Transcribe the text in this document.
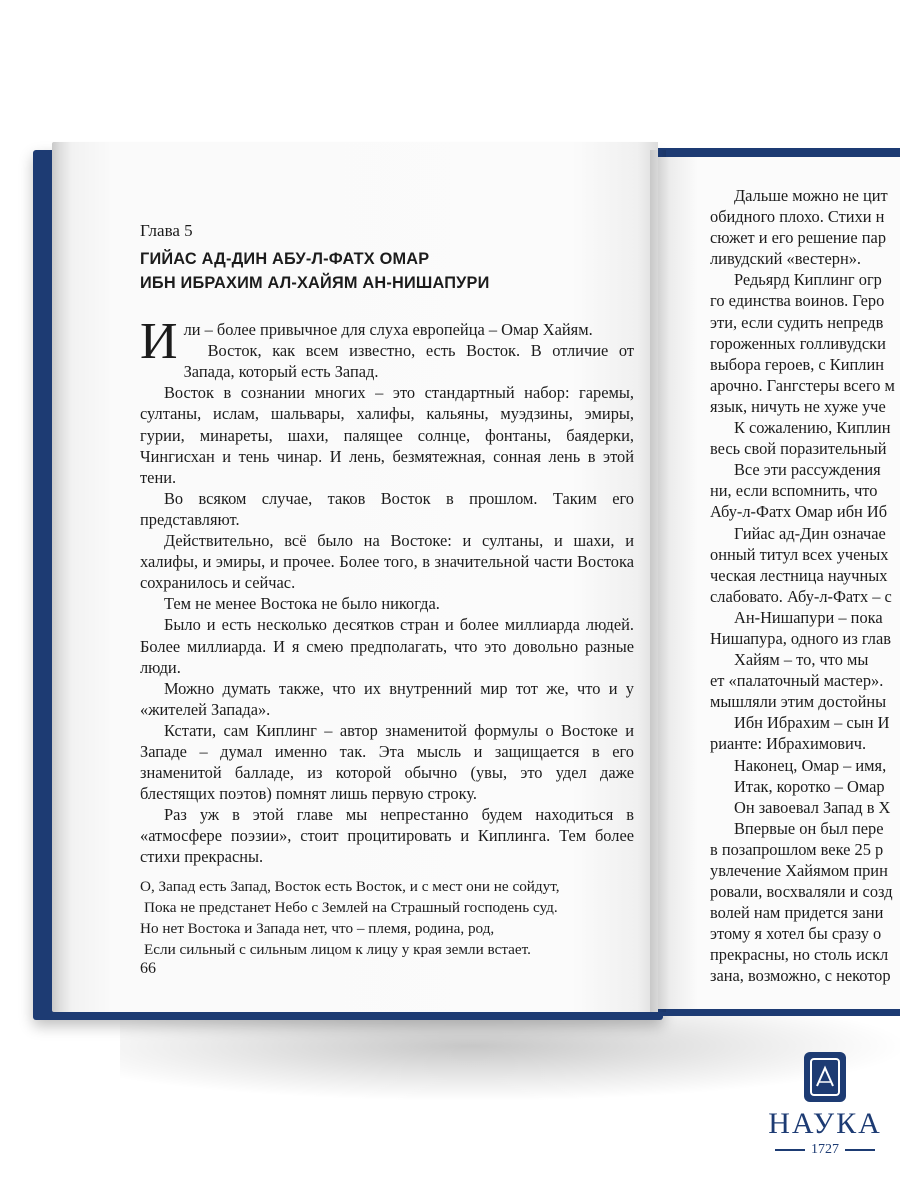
Глава 5
ГИЙАС АД-ДИН АБУ-Л-ФАТХ ОМАР
ИБН ИБРАХИМ АЛ-ХАЙЯМ АН-НИШАПУРИ

Или – более привычное для слуха европейца – Омар Хайям.

Восток, как всем известно, есть Восток. В отличие от Запада, который есть Запад.

Восток в сознании многих – это стандартный набор: гаремы, султаны, ислам, шальвары, халифы, кальяны, муэдзины, эмиры, гурии, минареты, шахи, палящее солнце, фонтаны, баядерки, Чингисхан и тень чинар. И лень, безмятежная, сонная лень в этой тени.

Во всяком случае, таков Восток в прошлом. Таким его представляют.

Действительно, всё было на Востоке: и султаны, и шахи, и халифы, и эмиры, и прочее. Более того, в значительной части Востока сохранилось и сейчас.

Тем не менее Востока не было никогда.

Было и есть несколько десятков стран и более миллиарда людей. Более миллиарда. И я смею предполагать, что это довольно разные люди.

Можно думать также, что их внутренний мир тот же, что и у «жителей Запада».

Кстати, сам Киплинг – автор знаменитой формулы о Востоке и Западе – думал именно так. Эта мысль и защищается в его знаменитой балладе, из которой обычно (увы, это удел даже блестящих поэтов) помнят лишь первую строку.

Раз уж в этой главе мы непрестанно будем находиться в «атмосфере поэзии», стоит процитировать и Киплинга. Тем более стихи прекрасны.

О, Запад есть Запад, Восток есть Восток, и с мест они не сойдут,
Пока не предстанет Небо с Землей на Страшный господень суд.
Но нет Востока и Запада нет, что – племя, родина, род,
Если сильный с сильным лицом к лицу у края земли встает.
66
Дальше можно не цит
обидного плохо. Стихи н
сюжет и его решение пар
ливудский «вестерн».
Редьярд Киплинг огр
го единства воинов. Геро
эти, если судить непредв
гороженных голливудски
выбора героев, с Киплин
арочно. Гангстеры всего м
язык, ничуть не хуже уче
К сожалению, Киплин
весь свой поразительный
Все эти рассуждения
ни, если вспомнить, что
Абу-л-Фатх Омар ибн Иб
Гийас ад-Дин означае
онный титул всех ученых
ческая лестница научных
слабовато. Абу-л-Фатх – с
Ан-Нишапури – пока
Нишапура, одного из глав
Хайям – то, что мы
ет «палаточный мастер».
мышляли этим достойны
Ибн Ибрахим – сын И
рианте: Ибрахимович.
Наконец, Омар – имя,
Итак, коротко – Омар
Он завоевал Запад в Х
Впервые он был пере
в позапрошлом веке 25 р
увлечение Хайямом прин
ровали, восхваляли и созд
волей нам придется зани
этому я хотел бы сразу о
прекрасны, но столь искл
зана, возможно, с некотор
НАУКА
1727
